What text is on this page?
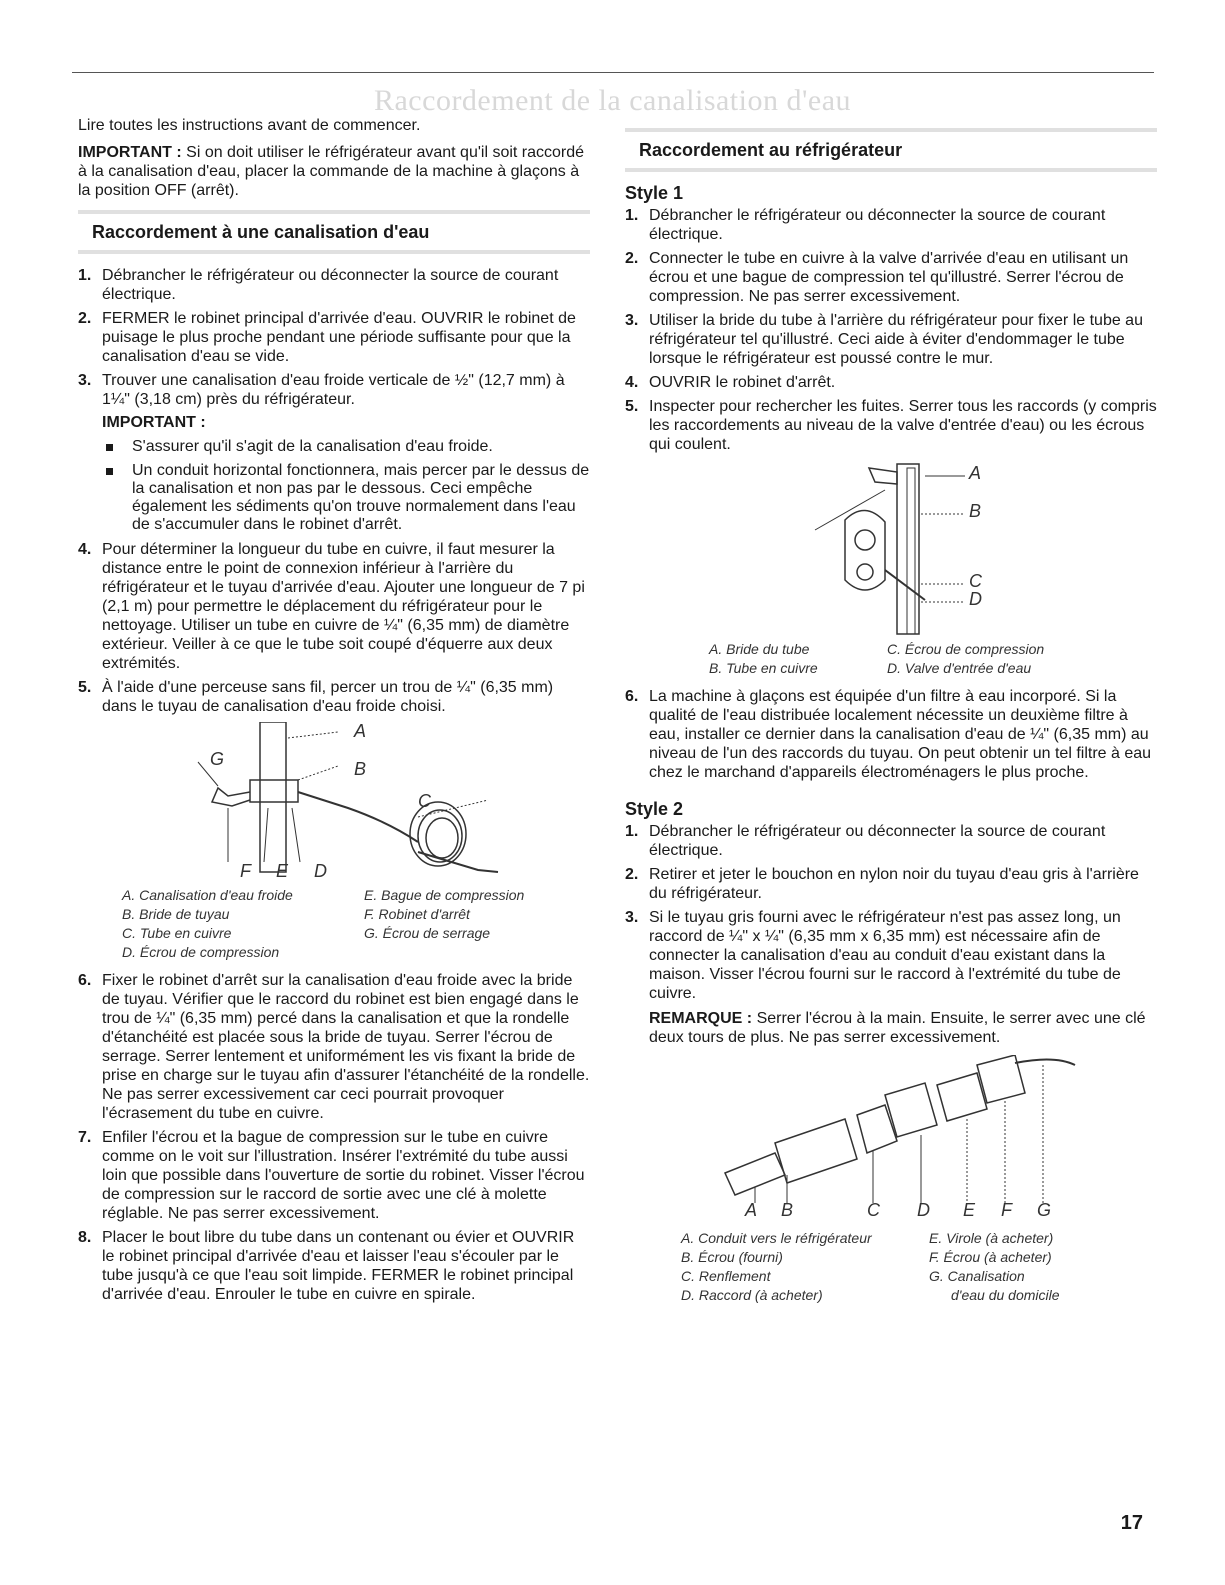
Raccordement de la canalisation d'eau

Lire toutes les instructions avant de commencer.

IMPORTANT : Si on doit utiliser le réfrigérateur avant qu'il soit raccordé à la canalisation d'eau, placer la commande de la machine à glaçons à la position OFF (arrêt).

Raccordement à une canalisation d'eau
1. Débrancher le réfrigérateur ou déconnecter la source de courant électrique.
2. FERMER le robinet principal d'arrivée d'eau. OUVRIR le robinet de puisage le plus proche pendant une période suffisante pour que la canalisation d'eau se vide.
3. Trouver une canalisation d'eau froide verticale de ½" (12,7 mm) à 1¼" (3,18 cm) près du réfrigérateur.
IMPORTANT :
S'assurer qu'il s'agit de la canalisation d'eau froide.
Un conduit horizontal fonctionnera, mais percer par le dessus de la canalisation et non pas par le dessous. Ceci empêche également les sédiments qu'on trouve normalement dans l'eau de s'accumuler dans le robinet d'arrêt.
4. Pour déterminer la longueur du tube en cuivre, il faut mesurer la distance entre le point de connexion inférieur à l'arrière du réfrigérateur et le tuyau d'arrivée d'eau. Ajouter une longueur de 7 pi (2,1 m) pour permettre le déplacement du réfrigérateur pour le nettoyage. Utiliser un tube en cuivre de ¼" (6,35 mm) de diamètre extérieur. Veiller à ce que le tube soit coupé d'équerre aux deux extrémités.
5. À l'aide d'une perceuse sans fil, percer un trou de ¼" (6,35 mm) dans le tuyau de canalisation d'eau froide choisi.
A
B
C
D
E
F
G
A. Canalisation d'eau froide	E. Bague de compression
B. Bride de tuyau	F. Robinet d'arrêt
C. Tube en cuivre	G. Écrou de serrage
D. Écrou de compression
6. Fixer le robinet d'arrêt sur la canalisation d'eau froide avec la bride de tuyau. Vérifier que le raccord du robinet est bien engagé dans le trou de ¼" (6,35 mm) percé dans la canalisation et que la rondelle d'étanchéité est placée sous la bride de tuyau. Serrer l'écrou de serrage. Serrer lentement et uniformément les vis fixant la bride de prise en charge sur le tuyau afin d'assurer l'étanchéité de la rondelle. Ne pas serrer excessivement car ceci pourrait provoquer l'écrasement du tube en cuivre.
7. Enfiler l'écrou et la bague de compression sur le tube en cuivre comme on le voit sur l'illustration. Insérer l'extrémité du tube aussi loin que possible dans l'ouverture de sortie du robinet. Visser l'écrou de compression sur le raccord de sortie avec une clé à molette réglable. Ne pas serrer excessivement.
8. Placer le bout libre du tube dans un contenant ou évier et OUVRIR le robinet principal d'arrivée d'eau et laisser l'eau s'écouler par le tube jusqu'à ce que l'eau soit limpide. FERMER le robinet principal d'arrivée d'eau. Enrouler le tube en cuivre en spirale.
Raccordement au réfrigérateur
Style 1
1. Débrancher le réfrigérateur ou déconnecter la source de courant électrique.
2. Connecter le tube en cuivre à la valve d'arrivée d'eau en utilisant un écrou et une bague de compression tel qu'illustré. Serrer l'écrou de compression. Ne pas serrer excessivement.
3. Utiliser la bride du tube à l'arrière du réfrigérateur pour fixer le tube au réfrigérateur tel qu'illustré. Ceci aide à éviter d'endommager le tube lorsque le réfrigérateur est poussé contre le mur.
4. OUVRIR le robinet d'arrêt.
5. Inspecter pour rechercher les fuites. Serrer tous les raccords (y compris les raccordements au niveau de la valve d'entrée d'eau) ou les écrous qui coulent.
A
B
C
D
A. Bride du tube	C. Écrou de compression
B. Tube en cuivre	D. Valve d'entrée d'eau
6. La machine à glaçons est équipée d'un filtre à eau incorporé. Si la qualité de l'eau distribuée localement nécessite un deuxième filtre à eau, installer ce dernier dans la canalisation d'eau de ¼" (6,35 mm) au niveau de l'un des raccords du tuyau. On peut obtenir un tel filtre à eau chez le marchand d'appareils électroménagers le plus proche.
Style 2
1. Débrancher le réfrigérateur ou déconnecter la source de courant électrique.
2. Retirer et jeter le bouchon en nylon noir du tuyau d'eau gris à l'arrière du réfrigérateur.
3. Si le tuyau gris fourni avec le réfrigérateur n'est pas assez long, un raccord de ¼" x ¼" (6,35 mm x 6,35 mm) est nécessaire afin de connecter la canalisation d'eau au conduit d'eau existant dans la maison. Visser l'écrou fourni sur le raccord à l'extrémité du tube de cuivre.

REMARQUE : Serrer l'écrou à la main. Ensuite, le serrer avec une clé deux tours de plus. Ne pas serrer excessivement.

A B	C D E F G
A. Conduit vers le réfrigérateur
B. Écrou (fourni)
C. Renflement
D. Raccord (à acheter)
E. Virole (à acheter)
F. Écrou (à acheter)
G. Canalisation
d'eau du domicile
17
